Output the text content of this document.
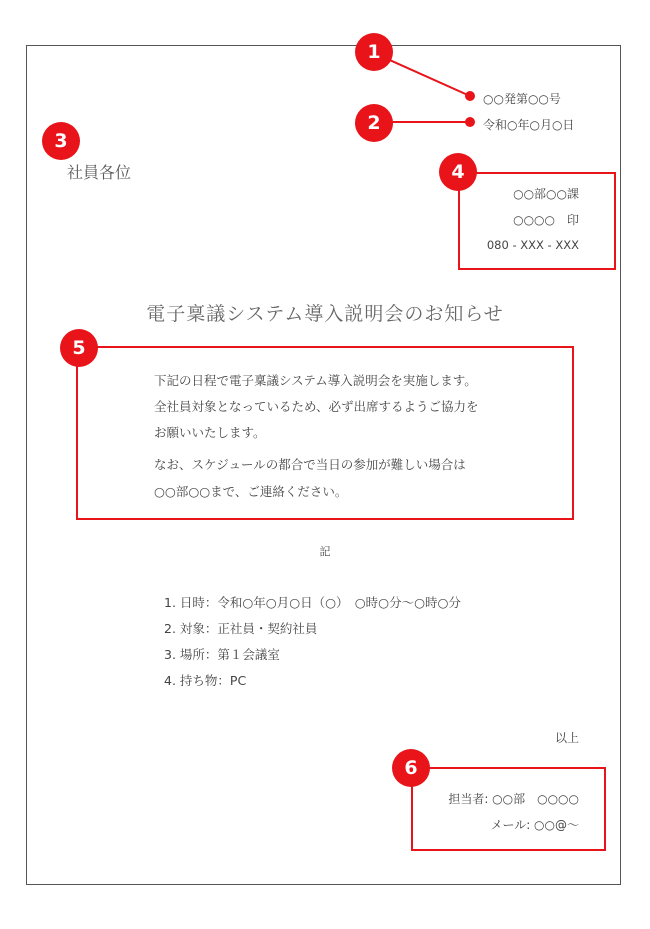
○○発第○○号
令和○年○月○日
社員各位
○○部○○課
○○○○　印
080 - XXX - XXX
電子稟議システム導入説明会のお知らせ
下記の日程で電子稟議システム導入説明会を実施します。
全社員対象となっているため、必ず出席するようご協力を
お願いいたします。
なお、スケジュールの都合で当日の参加が難しい場合は
○○部○○まで、ご連絡ください。
記
1. 日時：令和○年○月○日（○）　○時○分～○時○分
2. 対象：正社員・契約社員
3. 場所：第１会議室
4. 持ち物：PC
以上
担当者: ○○部　○○○○
メール: ○○@～
1
2
3
4
5
6
